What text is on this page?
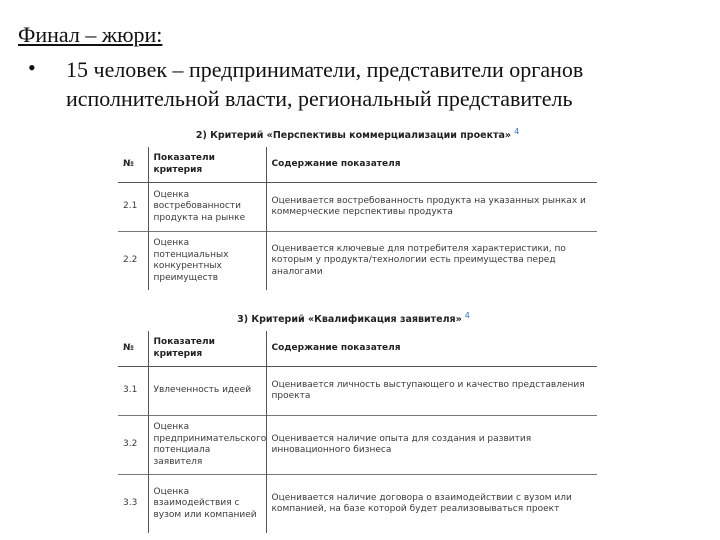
Финал – жюри:
• 15 человек – предприниматели, представители органов исполнительной власти, региональный представитель
2) Критерий «Перспективы коммерциализации проекта» $^4$
№	Показатели критерия	Содержание показателя
2.1	Оценка востребованности продукта на рынке	Оценивается востребованность продукта на указанных рынках и коммерческие перспективы продукта
2.2	Оценка потенциальных конкурентных преимуществ	Оценивается ключевые для потребителя характеристики, по которым у продукта/технологии есть преимущества перед аналогами
3) Критерий «Квалификация заявителя» $^4$
№	Показатели критерия	Содержание показателя
3.1	Увлеченность идеей	Оценивается личность выступающего и качество представления проекта
3.2	Оценка предпринимательского потенциала заявителя	Оценивается наличие опыта для создания и развития инновационного бизнеса
3.3	Оценка взаимодействия с вузом или компанией	Оценивается наличие договора о взаимодействии с вузом или компанией, на базе которой будет реализовываться проект
